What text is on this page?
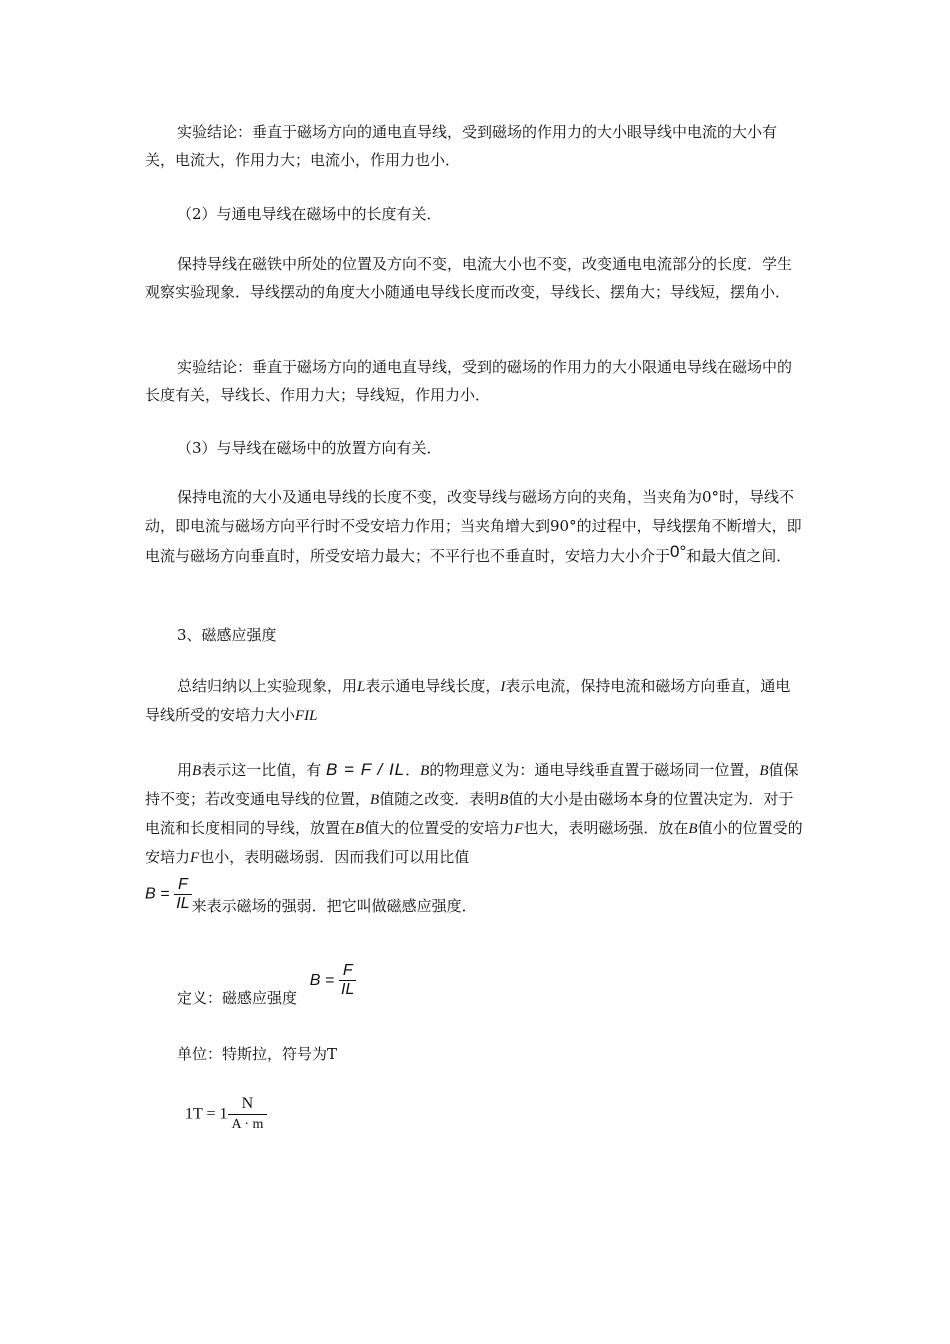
实验结论：垂直于磁场方向的通电直导线，受到磁场的作用力的大小眼导线中电流的大小有关，电流大，作用力大；电流小，作用力也小．

（2）与通电导线在磁场中的长度有关．

保持导线在磁铁中所处的位置及方向不变，电流大小也不变，改变通电电流部分的长度．学生观察实验现象．导线摆动的角度大小随通电导线长度而改变，导线长、摆角大；导线短，摆角小．

实验结论：垂直于磁场方向的通电直导线，受到的磁场的作用力的大小限通电导线在磁场中的长度有关，导线长、作用力大；导线短，作用力小．

（3）与导线在磁场中的放置方向有关．

保持电流的大小及通电导线的长度不变，改变导线与磁场方向的夹角，当夹角为0°时，导线不动，即电流与磁场方向平行时不受安培力作用；当夹角增大到90°的过程中，导线摆角不断增大，即电流与磁场方向垂直时，所受安培力最大；不平行也不垂直时，安培力大小介于0°和最大值之间．

3、磁感应强度

总结归纳以上实验现象，用L表示通电导线长度，I表示电流，保持电流和磁场方向垂直，通电导线所受的安培力大小FIL

用B表示这一比值，有 B = F / IL．B的物理意义为：通电导线垂直置于磁场同一位置，B值保持不变；若改变通电导线的位置，B值随之改变．表明B值的大小是由磁场本身的位置决定为．对于电流和长度相同的导线，放置在B值大的位置受的安培力F也大，表明磁场强．放在B值小的位置受的安培力F也小，表明磁场弱．因而我们可以用比值

$B = \frac{F}{IL}$ 来表示磁场的强弱．把它叫做磁感应强度．
定义：磁感应强度 $B = \frac{F}{IL}$

单位：特斯拉，符号为T

$1T = 1 \frac{N}{A \cdot m}$
